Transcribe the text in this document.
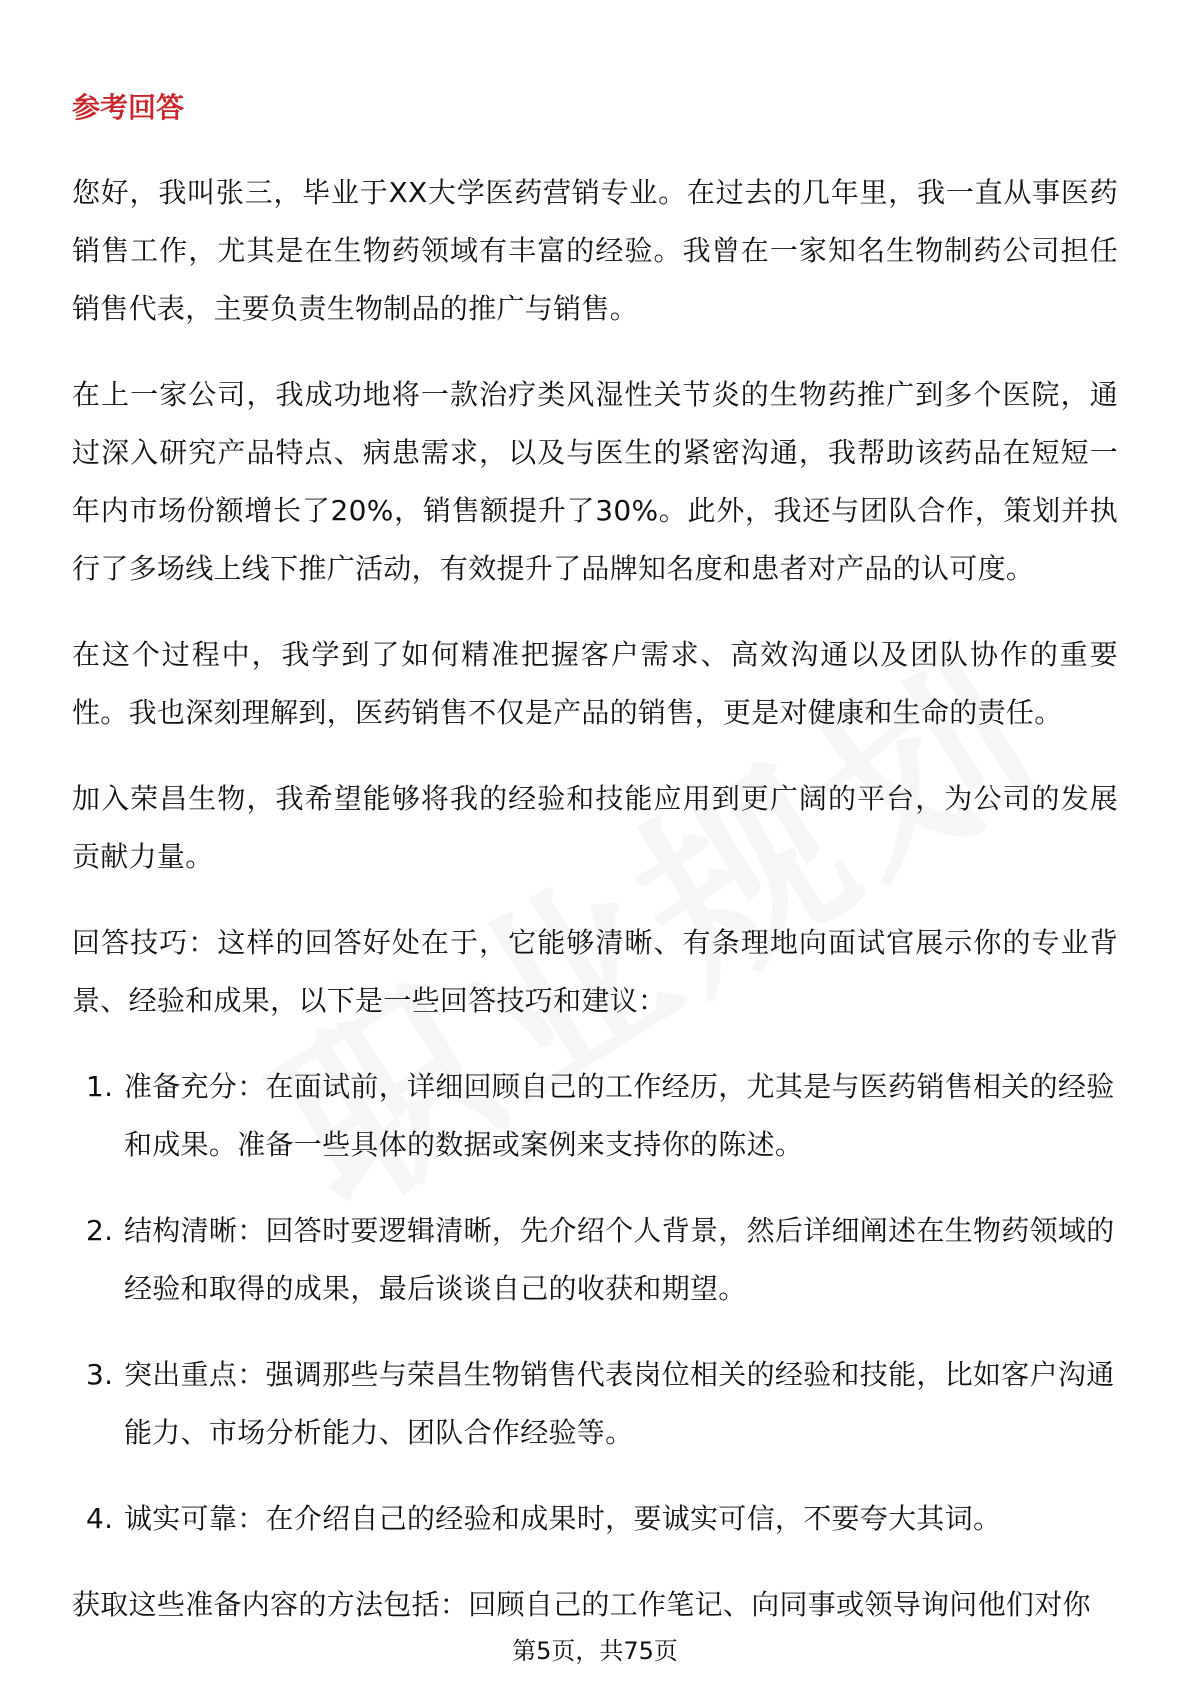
参考回答

您好，我叫张三，毕业于XX大学医药营销专业。在过去的几年里，我一直从事医药销售工作，尤其是在生物药领域有丰富的经验。我曾在一家知名生物制药公司担任销售代表，主要负责生物制品的推广与销售。

在上一家公司，我成功地将一款治疗类风湿性关节炎的生物药推广到多个医院，通过深入研究产品特点、病患需求，以及与医生的紧密沟通，我帮助该药品在短短一年内市场份额增长了20%，销售额提升了30%。此外，我还与团队合作，策划并执行了多场线上线下推广活动，有效提升了品牌知名度和患者对产品的认可度。

在这个过程中，我学到了如何精准把握客户需求、高效沟通以及团队协作的重要性。我也深刻理解到，医药销售不仅是产品的销售，更是对健康和生命的责任。

加入荣昌生物，我希望能够将我的经验和技能应用到更广阔的平台，为公司的发展贡献力量。

回答技巧：这样的回答好处在于，它能够清晰、有条理地向面试官展示你的专业背景、经验和成果，以下是一些回答技巧和建议：

1. 准备充分：在面试前，详细回顾自己的工作经历，尤其是与医药销售相关的经验和成果。准备一些具体的数据或案例来支持你的陈述。
2. 结构清晰：回答时要逻辑清晰，先介绍个人背景，然后详细阐述在生物药领域的经验和取得的成果，最后谈谈自己的收获和期望。
3. 突出重点：强调那些与荣昌生物销售代表岗位相关的经验和技能，比如客户沟通能力、市场分析能力、团队合作经验等。
4. 诚实可靠：在介绍自己的经验和成果时，要诚实可信，不要夸大其词。

获取这些准备内容的方法包括：回顾自己的工作笔记、向同事或领导询问他们对你

第5页，共75页
